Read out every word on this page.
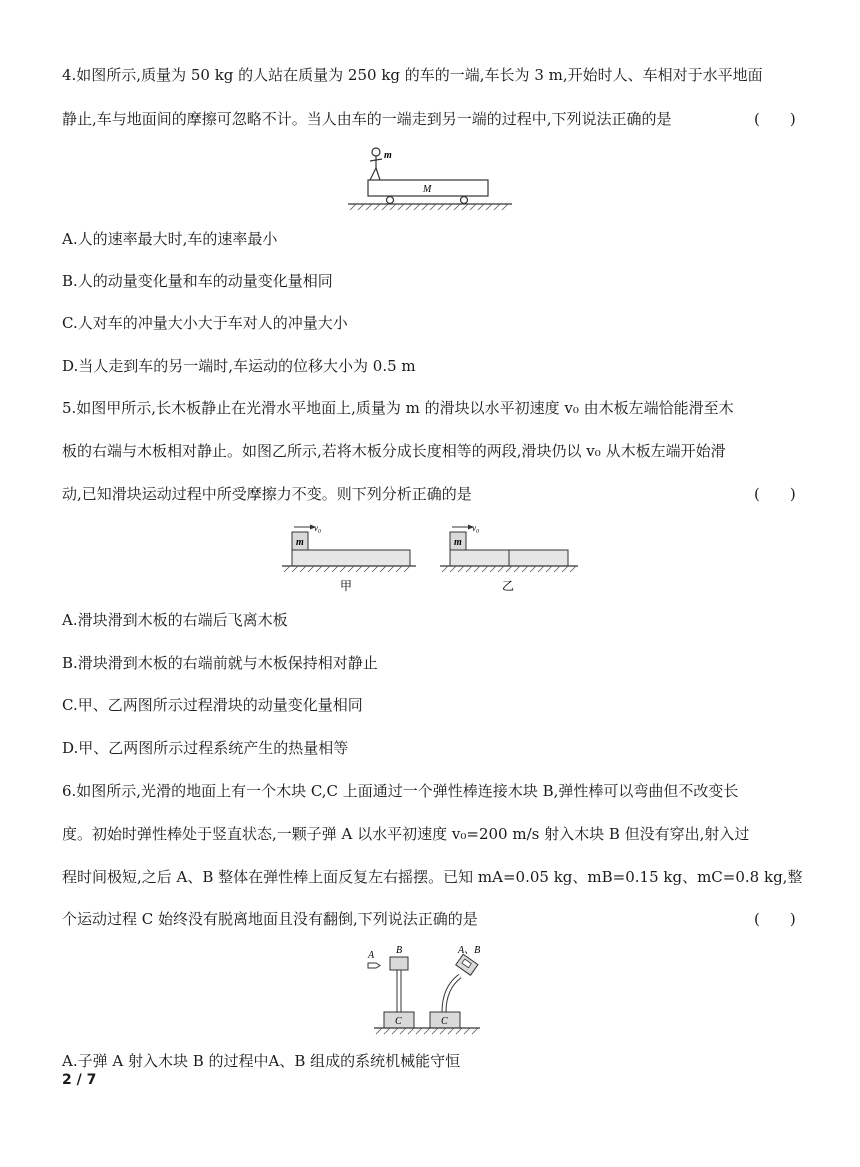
4.如图所示,质量为 50 kg 的人站在质量为 250 kg 的车的一端,车长为 3 m,开始时人、车相对于水平地面
静止,车与地面间的摩擦可忽略不计。当人由车的一端走到另一端的过程中,下列说法正确的是	(　　)
m
M
A.人的速率最大时,车的速率最小
B.人的动量变化量和车的动量变化量相同
C.人对车的冲量大小大于车对人的冲量大小
D.当人走到车的另一端时,车运动的位移大小为 0.5 m
5.如图甲所示,长木板静止在光滑水平地面上,质量为 m 的滑块以水平初速度 v₀ 由木板左端恰能滑至木
板的右端与木板相对静止。如图乙所示,若将木板分成长度相等的两段,滑块仍以 v₀ 从木板左端开始滑
动,已知滑块运动过程中所受摩擦力不变。则下列分析正确的是	(　　)
v₀
m
甲
v₀
m
乙
A.滑块滑到木板的右端后飞离木板
B.滑块滑到木板的右端前就与木板保持相对静止
C.甲、乙两图所示过程滑块的动量变化量相同
D.甲、乙两图所示过程系统产生的热量相等
6.如图所示,光滑的地面上有一个木块 C,C 上面通过一个弹性棒连接木块 B,弹性棒可以弯曲但不改变长
度。初始时弹性棒处于竖直状态,一颗子弹 A 以水平初速度 v₀=200 m/s 射入木块 B 但没有穿出,射入过
程时间极短,之后 A、B 整体在弹性棒上面反复左右摇摆。已知 mA=0.05 kg、mB=0.15 kg、mC=0.8 kg,整
个运动过程 C 始终没有脱离地面且没有翻倒,下列说法正确的是	(　　)
A B
C
A、B
C
A.子弹 A 射入木块 B 的过程中A、B 组成的系统机械能守恒
2 / 7
